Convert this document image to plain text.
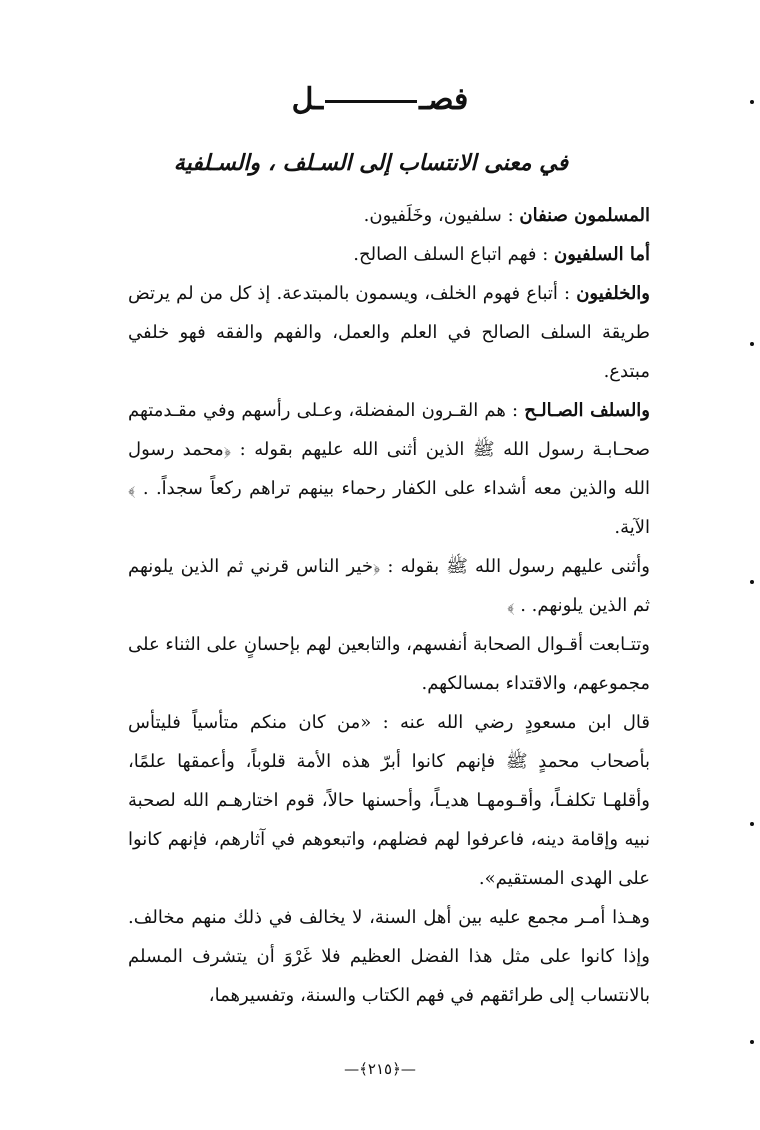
فصــل
في معنى الانتساب إلى السـلف ، والسـلفية

المسلمون صنفان : سلفيون، وخَلَفيون.

أما السلفيون : فهم اتباع السلف الصالح.

والخلفيون : أتباع فهوم الخلف، ويسمون بالمبتدعة. إذ كل من لم يرتض طريقة السلف الصالح في العلم والعمل، والفهم والفقه فهو خلفي مبتدع.

والسلف الصـالـح : هم القـرون المفضلة، وعـلى رأسهم وفي مقـدمتهم صحـابـة رسول الله ﷺ الذين أثنى الله عليهم بقوله : ﴿محمد رسول الله والذين معه أشداء على الكفار رحماء بينهم تراهم ركعاً سجداً. . ﴾ الآية.

وأثنى عليهم رسول الله ﷺ بقوله : ﴿خير الناس قرني ثم الذين يلونهم ثم الذين يلونهم. . ﴾

وتتـابعت أقـوال الصحابة أنفسهم، والتابعين لهم بإحسانٍ على الثناء على مجموعهم، والاقتداء بمسالكهم.

قال ابن مسعودٍ رضي الله عنه : «من كان منكم متأسياً فليتأس بأصحاب محمدٍ ﷺ فإنهم كانوا أبرّ هذه الأمة قلوباً، وأعمقها علمًا، وأقلهـا تكلفـاً، وأقـومهـا هديـاً، وأحسنها حالاً، قوم اختارهـم الله لصحبة نبيه وإقامة دينه، فاعرفوا لهم فضلهم، واتبعوهم في آثارهم، فإنهم كانوا على الهدى المستقيم».

وهـذا أمـر مجمع عليه بين أهل السنة، لا يخالف في ذلك منهم مخالف. وإذا كانوا على مثل هذا الفضل العظيم فلا غَرْوَ أن يتشرف المسلم بالانتساب إلى طرائقهم في فهم الكتاب والسنة، وتفسيرهما،

—﴿٢١٥﴾—
